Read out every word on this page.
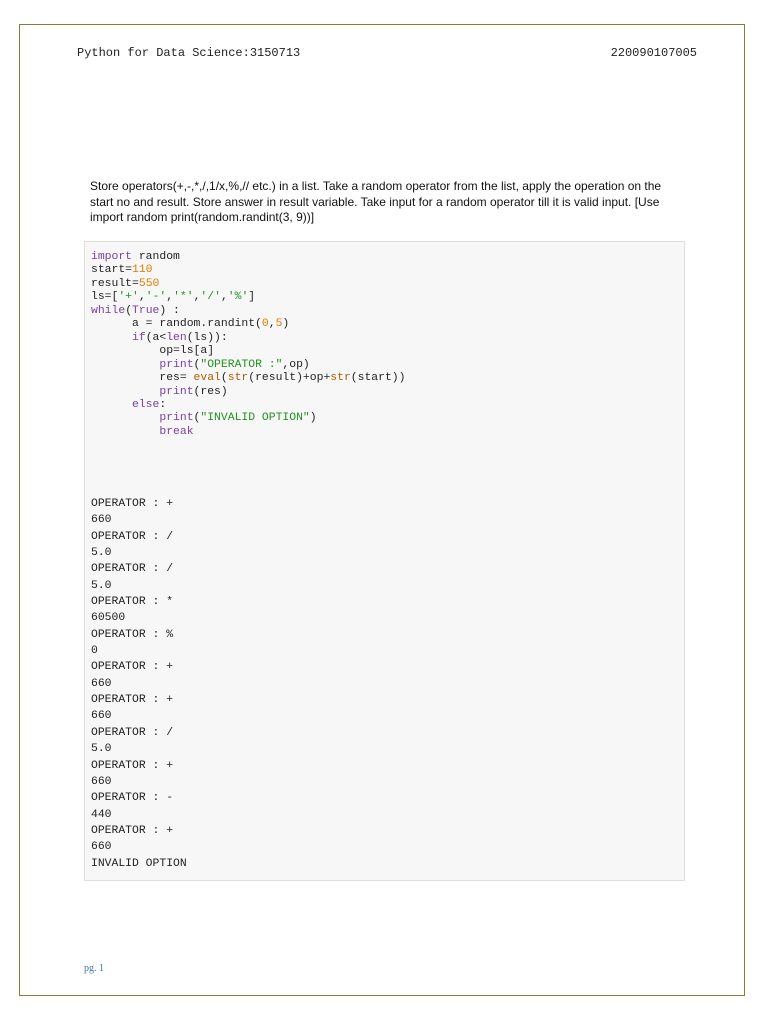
Python for Data Science:3150713	220090107005
Store operators(+,-,*,/,1/x,%,// etc.) in a list. Take a random operator from the list, apply the operation on the start no and result. Store answer in result variable. Take input for a random operator till it is valid input. [Use import random print(random.randint(3, 9))]
import random
start=110
result=550
ls=['+','-','*','/','%']
while(True) :
a = random.randint(0,5)
if(a<len(ls)):
op=ls[a]
print("OPERATOR :",op)
res= eval(str(result)+op+str(start))
print(res)
else:
print("INVALID OPTION")
break
OPERATOR : +
660
OPERATOR : /
5.0
OPERATOR : /
5.0
OPERATOR : *
60500
OPERATOR : %
0
OPERATOR : +
660
OPERATOR : +
660
OPERATOR : /
5.0
OPERATOR : +
660
OPERATOR : -
440
OPERATOR : +
660
INVALID OPTION
pg. 1
